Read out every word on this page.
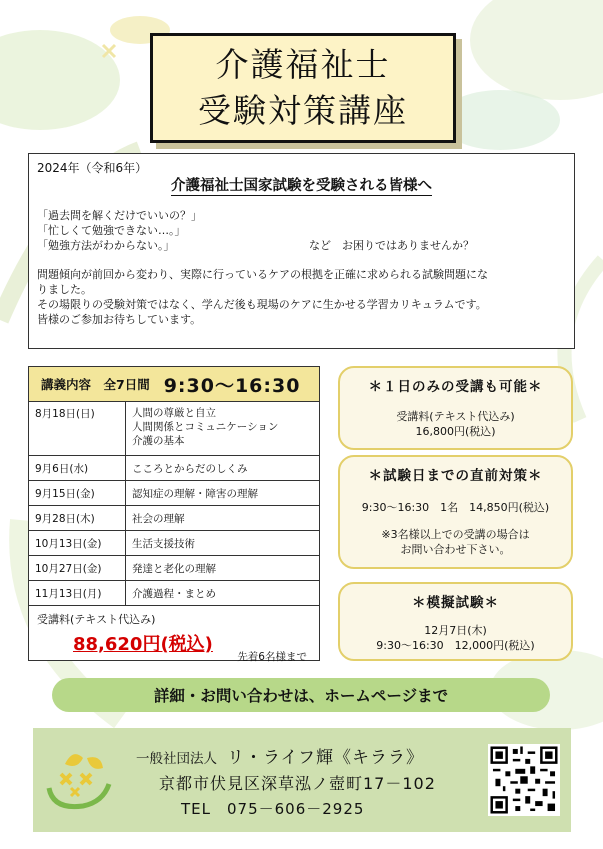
介護福祉士
受験対策講座
2024年（令和6年）
介護福祉士国家試験を受験される皆様へ
「過去問を解くだけでいいの？」
「忙しくて勉強できない…。」
「勉強方法がわからない。」	など　お困りではありませんか？
問題傾向が前回から変わり、実際に行っているケアの根拠を正確に求められる試験問題にな
りました。
その場限りの受験対策ではなく、学んだ後も現場のケアに生かせる学習カリキュラムです。
皆様のご参加お待ちしています。
講義内容　全7日間 9:30～16:30
8月18日(日)	人間の尊厳と自立
人間関係とコミュニケーション
介護の基本

9月6日(水)	こころとからだのしくみ
9月15日(金)	認知症の理解・障害の理解
9月28日(木)	社会の理解
10月13日(金)	生活支援技術
10月27日(金)	発達と老化の理解
11月13日(月)	介護過程・まとめ
受講料(テキスト代込み)
88,620円(税込)
先着6名様まで
＊１日のみの受講も可能＊
受講料(テキスト代込み)
16,800円(税込)
＊試験日までの直前対策＊
9:30～16:30　1名　14,850円(税込)
※3名様以上での受講の場合は
お問い合わせ下さい。
＊模擬試験＊
12月7日(木)
9:30～16:30　12,000円(税込)
詳細・お問い合わせは、ホームページまで
一般社団法人 リ・ライフ輝《キララ》
京都市伏見区深草泓ノ壺町17－102
TEL　075－606－2925
